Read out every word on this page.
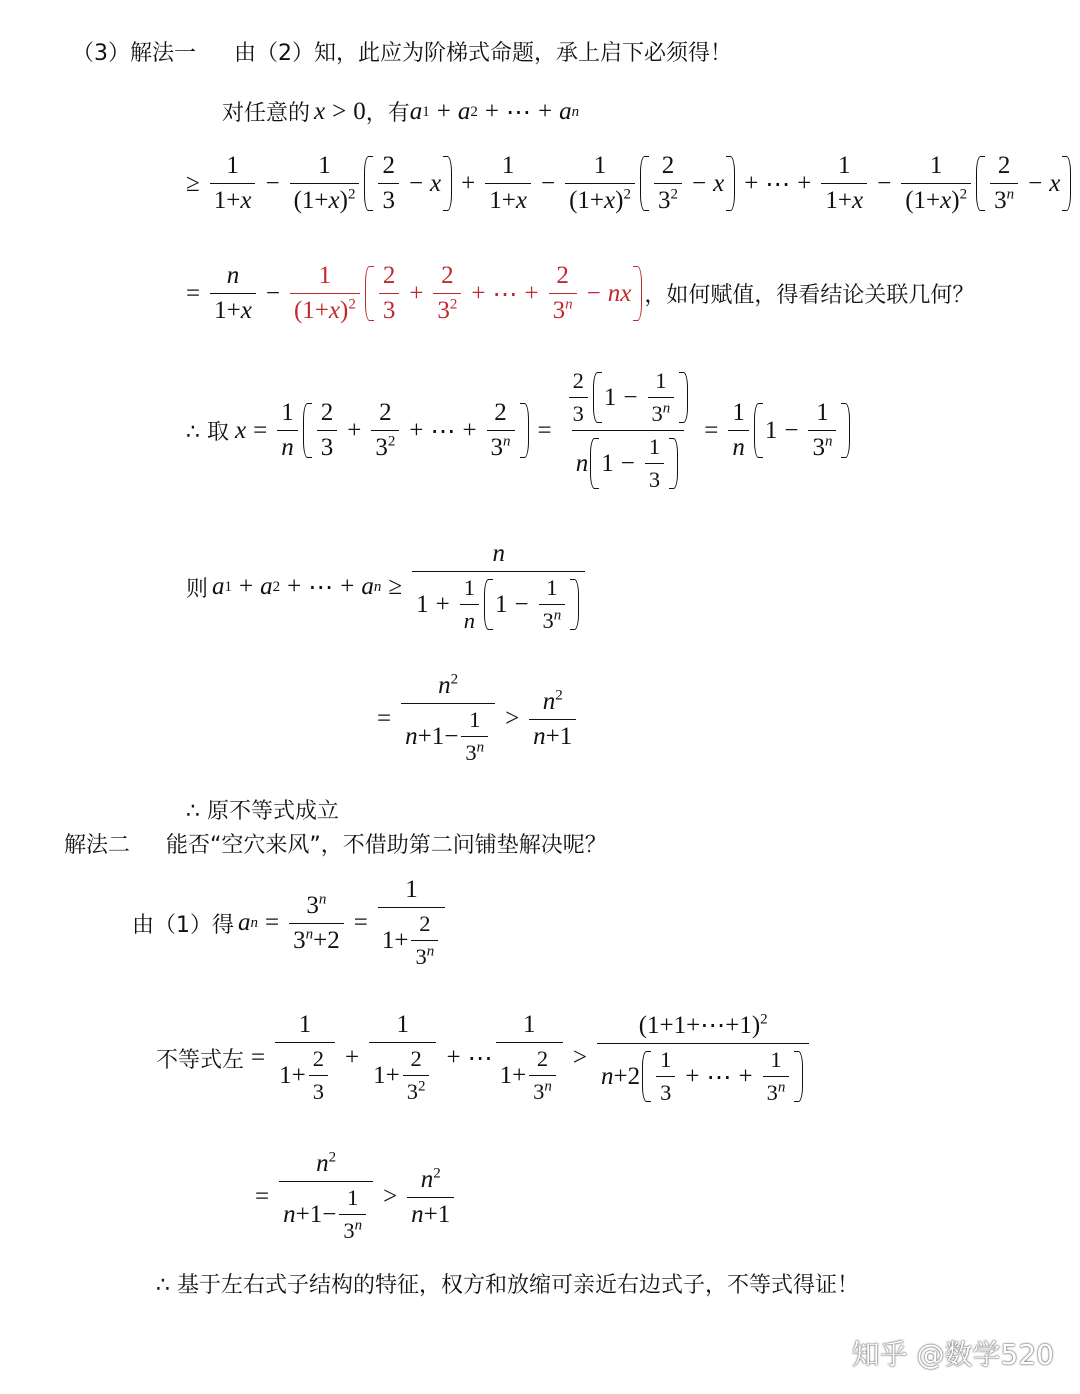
（3）解法一 由（2）知，此应为阶梯式命题，承上启下必须得！
对任意的 x > 0 ，有 a 1 + a 2 + ⋯ + a n
≥ $\frac{1}{1+x} - \frac{1}{(1+x)^2} \frac{2}{3} - x + \frac{1}{1+x} - \frac{1}{(1+x)^2} \frac{2}{3^2} - x$ + ⋯ + $\frac{1}{1+x} - \frac{1}{(1+x)^2} \frac{2}{3^n} - x$
= $\frac{n}{1+x} - \frac{1}{(1+x)^2} \frac{2}{3} + \frac{2}{3^2}$ + ⋯ + $\frac{2}{3^n}$ − nx ，如何赋值，得看结论关联几何？
∴ 取 $x = \frac{1}{n} \frac{2}{3} + \frac{2}{3^2}$ + ⋯ + $\frac{2}{3^n} = \frac{\frac{2}{3} 1 - \frac{1}{3^n}}{n 1 - \frac{1}{3}} = \frac{1}{n} 1 - \frac{1}{3^n}$
则 a 1 + a 2 + ⋯ + a $n \ge \frac{n}{1 + \frac{1}{n} 1 - \frac{1}{3^n}}$
= $\frac{n^2}{n +1- \frac{1}{3^n}} > \frac{n^2}{n+1}$
∴ 原不等式成立
解法二 能否“空穴来风”，不借助第二问铺垫解决呢？
由（1）得 a $n = \frac{3^n}{3^n+2} = \frac{1}{1+ \frac{2}{3^n}}$
不等式左 = $\frac{1}{1+ \frac{2}{3}} + \frac{1}{1+ \frac{2}{3^2}}$ + ⋯ $\frac{1}{1+ \frac{2}{3^n}} > \frac{(1+1+\cdots+1)^2}{n +2 \frac{1}{3} + \cdots + \frac{1}{3^n}}$
= $\frac{n^2}{n +1- \frac{1}{3^n}} > \frac{n^2}{n+1}$
∴ 基于左右式子结构的特征，权方和放缩可亲近右边式子，不等式得证！
知乎 @数学520
